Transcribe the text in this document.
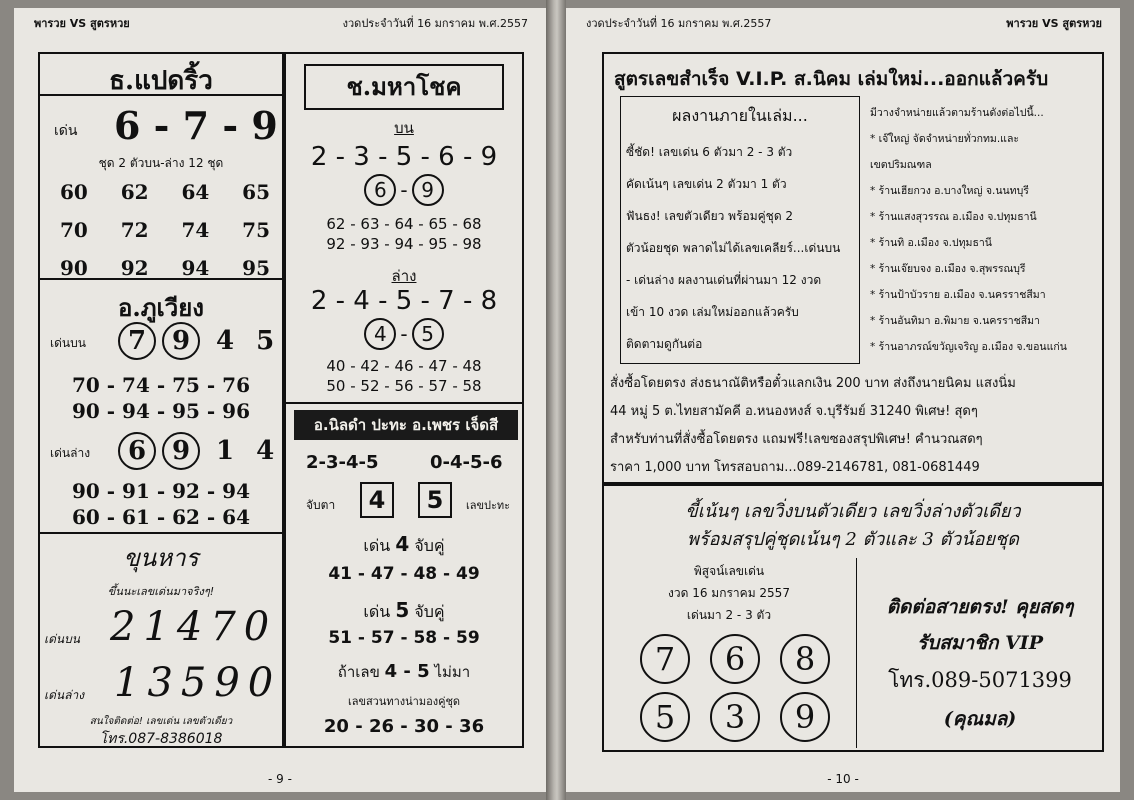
พารวย VS สูตรหวย	งวดประจำวันที่ 16 มกราคม พ.ศ.2557
ธ.แปดริ้ว
เด่น 6 - 7 - 9
ชุด 2 ตัวบน-ล่าง 12 ชุด
60 62 64 65
70 72 74 75
90 92 94 95
อ.ภูเวียง
เด่นบน	7 9 4 5
70 - 74 - 75 - 76
90 - 94 - 95 - 96
เด่นล่าง	6 9 1 4
90 - 91 - 92 - 94
60 - 61 - 62 - 64
ขุนหาร
ขึ้นนะเลขเด่นมาจริงๆ!
เด่นบน 21470
เด่นล่าง 13590
สนใจติดต่อ! เลขเด่น เลขตัวเดียว
โทร.087-8386018
ช.มหาโชค
บน
2 - 3 - 5 - 6 - 9
6 - 9
62 - 63 - 64 - 65 - 68
92 - 93 - 94 - 95 - 98
ล่าง
2 - 4 - 5 - 7 - 8
4 - 5
40 - 42 - 46 - 47 - 48
50 - 52 - 56 - 57 - 58
อ.นิลดำ ปะทะ อ.เพชร เจ็ดสี
2-3-4-5	0-4-5-6
จับตา	4	5	เลขปะทะ
เด่น 4 จับคู่
41 - 47 - 48 - 49
เด่น 5 จับคู่
51 - 57 - 58 - 59
ถ้าเลข 4 - 5 ไม่มา
เลขสวนทางน่ามองคู่ชุด
20 - 26 - 30 - 36
- 9 -
งวดประจำวันที่ 16 มกราคม พ.ศ.2557	พารวย VS สูตรหวย
สูตรเลขสำเร็จ V.I.P. ส.นิคม เล่มใหม่...ออกแล้วครับ
ผลงานภายในเล่ม...
ซี้ชัด! เลขเด่น 6 ตัวมา 2 - 3 ตัว
คัดเน้นๆ เลขเด่น 2 ตัวมา 1 ตัว
ฟันธง! เลขตัวเดียว พร้อมคู่ชุด 2
ตัวน้อยชุด พลาดไม่ได้เลขเคลียร์...เด่นบน
- เด่นล่าง ผลงานเด่นที่ผ่านมา 12 งวด
เข้า 10 งวด เล่มใหม่ออกแล้วครับ
ติดตามดูกันต่อ
มีวางจำหน่ายแล้วตามร้านดังต่อไปนี้...
* เจ๊ใหญ่ จัดจำหน่ายทั่วกทม.และ
เขตปริมณฑล
* ร้านเฮียกวง อ.บางใหญ่ จ.นนทบุรี
* ร้านแสงสุวรรณ อ.เมือง จ.ปทุมธานี
* ร้านทิ อ.เมือง จ.ปทุมธานี
* ร้านเจ๊ยบจง อ.เมือง จ.สุพรรณบุรี
* ร้านป้าบัวราย อ.เมือง จ.นครราชสีมา
* ร้านอันทิมา อ.พิมาย จ.นครราชสีมา
* ร้านอาภรณ์ขวัญเจริญ อ.เมือง จ.ขอนแก่น
สั่งซื้อโดยตรง ส่งธนาณัติหรือตั๋วแลกเงิน 200 บาท ส่งถึงนายนิคม แสงนิ่ม
44 หมู่ 5 ต.ไทยสามัคคี อ.หนองหงส์ จ.บุรีรัมย์ 31240 พิเศษ! สุดๆ
สำหรับท่านที่สั่งซื้อโดยตรง แถมฟรี!เลขซองสรุปพิเศษ! คำนวณสดๆ
ราคา 1,000 บาท โทรสอบถาม...089-2146781, 081-0681449
ขี้เน้นๆ เลขวิ่งบนตัวเดียว เลขวิ่งล่างตัวเดียว
พร้อมสรุปคู่ชุดเน้นๆ 2 ตัวและ 3 ตัวน้อยชุด
พิสูจน์เลขเด่น
งวด 16 มกราคม 2557
เด่นมา 2 - 3 ตัว
7	6	8
5	3	9
ติดต่อสายตรง! คุยสดๆ
รับสมาชิก VIP
โทร.089-5071399
(คุณมล)
- 10 -
